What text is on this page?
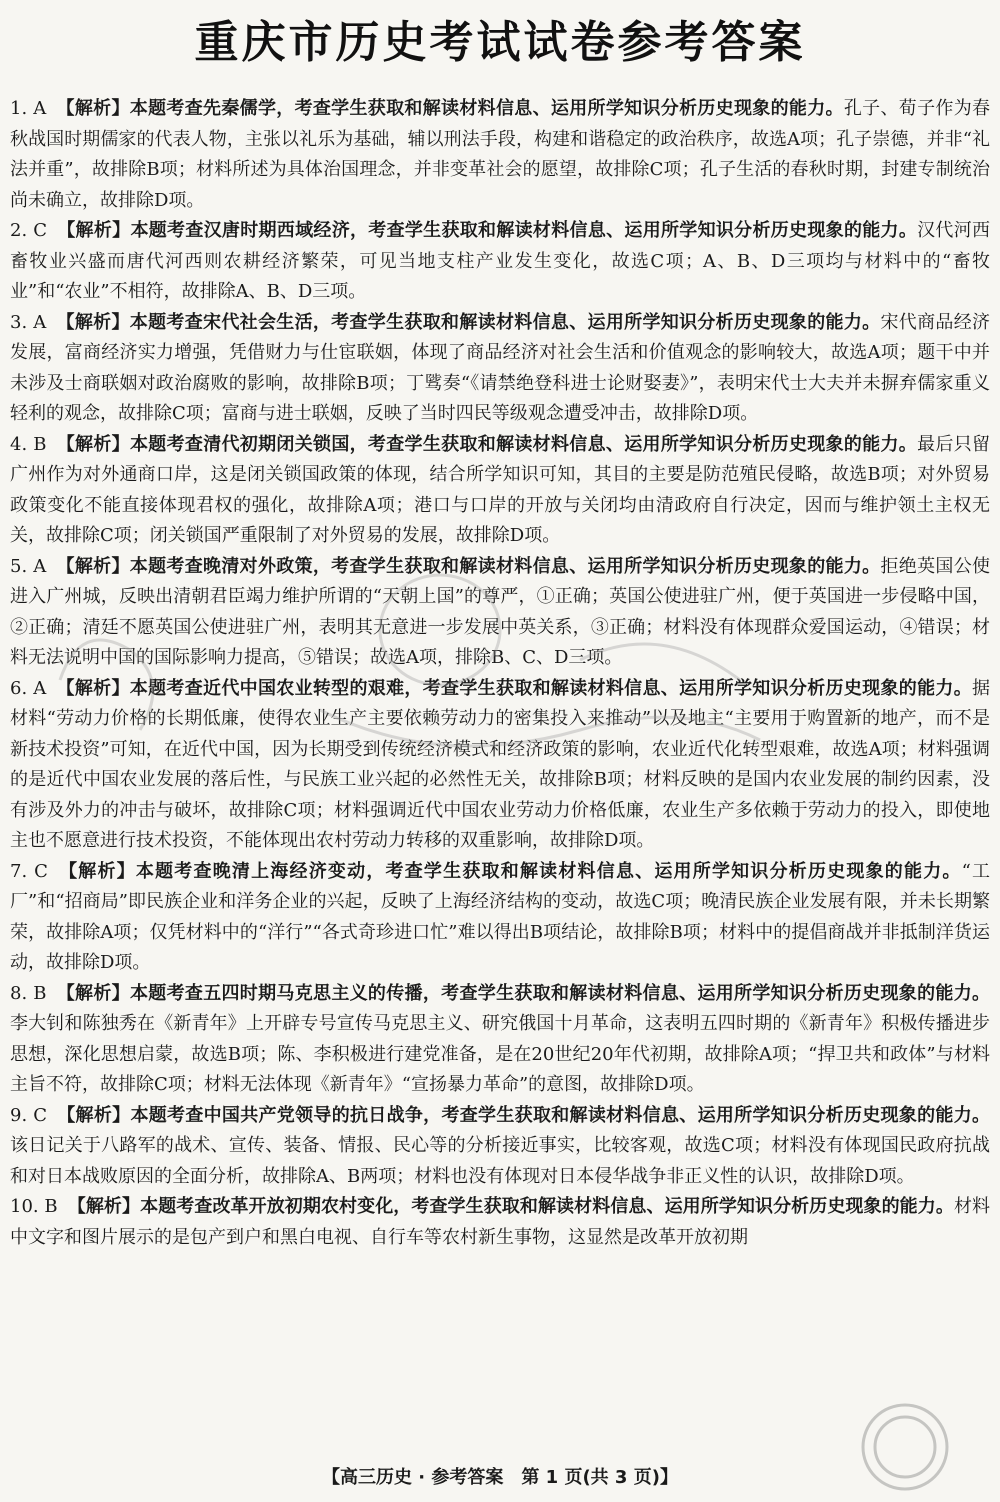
重庆市历史考试试卷参考答案

1. A 【解析】本题考查先秦儒学，考查学生获取和解读材料信息、运用所学知识分析历史现象的能力。孔子、荀子作为春秋战国时期儒家的代表人物，主张以礼乐为基础，辅以刑法手段，构建和谐稳定的政治秩序，故选A项；孔子崇德，并非“礼法并重”，故排除B项；材料所述为具体治国理念，并非变革社会的愿望，故排除C项；孔子生活的春秋时期，封建专制统治尚未确立，故排除D项。

2. C 【解析】本题考查汉唐时期西域经济，考查学生获取和解读材料信息、运用所学知识分析历史现象的能力。汉代河西畜牧业兴盛而唐代河西则农耕经济繁荣，可见当地支柱产业发生变化，故选C项；A、B、D三项均与材料中的“畜牧业”和“农业”不相符，故排除A、B、D三项。

3. A 【解析】本题考查宋代社会生活，考查学生获取和解读材料信息、运用所学知识分析历史现象的能力。宋代商品经济发展，富商经济实力增强，凭借财力与仕宦联姻，体现了商品经济对社会生活和价值观念的影响较大，故选A项；题干中并未涉及士商联姻对政治腐败的影响，故排除B项；丁骘奏“《请禁绝登科进士论财娶妻》”，表明宋代士大夫并未摒弃儒家重义轻利的观念，故排除C项；富商与进士联姻，反映了当时四民等级观念遭受冲击，故排除D项。

4. B 【解析】本题考查清代初期闭关锁国，考查学生获取和解读材料信息、运用所学知识分析历史现象的能力。最后只留广州作为对外通商口岸，这是闭关锁国政策的体现，结合所学知识可知，其目的主要是防范殖民侵略，故选B项；对外贸易政策变化不能直接体现君权的强化，故排除A项；港口与口岸的开放与关闭均由清政府自行决定，因而与维护领土主权无关，故排除C项；闭关锁国严重限制了对外贸易的发展，故排除D项。

5. A 【解析】本题考查晚清对外政策，考查学生获取和解读材料信息、运用所学知识分析历史现象的能力。拒绝英国公使进入广州城，反映出清朝君臣竭力维护所谓的“天朝上国”的尊严，①正确；英国公使进驻广州，便于英国进一步侵略中国，②正确；清廷不愿英国公使进驻广州，表明其无意进一步发展中英关系，③正确；材料没有体现群众爱国运动，④错误；材料无法说明中国的国际影响力提高，⑤错误；故选A项，排除B、C、D三项。

6. A 【解析】本题考查近代中国农业转型的艰难，考查学生获取和解读材料信息、运用所学知识分析历史现象的能力。据材料“劳动力价格的长期低廉，使得农业生产主要依赖劳动力的密集投入来推动”以及地主“主要用于购置新的地产，而不是新技术投资”可知，在近代中国，因为长期受到传统经济模式和经济政策的影响，农业近代化转型艰难，故选A项；材料强调的是近代中国农业发展的落后性，与民族工业兴起的必然性无关，故排除B项；材料反映的是国内农业发展的制约因素，没有涉及外力的冲击与破坏，故排除C项；材料强调近代中国农业劳动力价格低廉，农业生产多依赖于劳动力的投入，即使地主也不愿意进行技术投资，不能体现出农村劳动力转移的双重影响，故排除D项。

7. C 【解析】本题考查晚清上海经济变动，考查学生获取和解读材料信息、运用所学知识分析历史现象的能力。“工厂”和“招商局”即民族企业和洋务企业的兴起，反映了上海经济结构的变动，故选C项；晚清民族企业发展有限，并未长期繁荣，故排除A项；仅凭材料中的“洋行”“各式奇珍进口忙”难以得出B项结论，故排除B项；材料中的提倡商战并非抵制洋货运动，故排除D项。

8. B 【解析】本题考查五四时期马克思主义的传播，考查学生获取和解读材料信息、运用所学知识分析历史现象的能力。李大钊和陈独秀在《新青年》上开辟专号宣传马克思主义、研究俄国十月革命，这表明五四时期的《新青年》积极传播进步思想，深化思想启蒙，故选B项；陈、李积极进行建党准备，是在20世纪20年代初期，故排除A项；“捍卫共和政体”与材料主旨不符，故排除C项；材料无法体现《新青年》“宣扬暴力革命”的意图，故排除D项。

9. C 【解析】本题考查中国共产党领导的抗日战争，考查学生获取和解读材料信息、运用所学知识分析历史现象的能力。该日记关于八路军的战术、宣传、装备、情报、民心等的分析接近事实，比较客观，故选C项；材料没有体现国民政府抗战和对日本战败原因的全面分析，故排除A、B两项；材料也没有体现对日本侵华战争非正义性的认识，故排除D项。

10. B 【解析】本题考查改革开放初期农村变化，考查学生获取和解读材料信息、运用所学知识分析历史现象的能力。材料中文字和图片展示的是包产到户和黑白电视、自行车等农村新生事物，这显然是改革开放初期

【高三历史 · 参考答案　第 1 页(共 3 页)】
